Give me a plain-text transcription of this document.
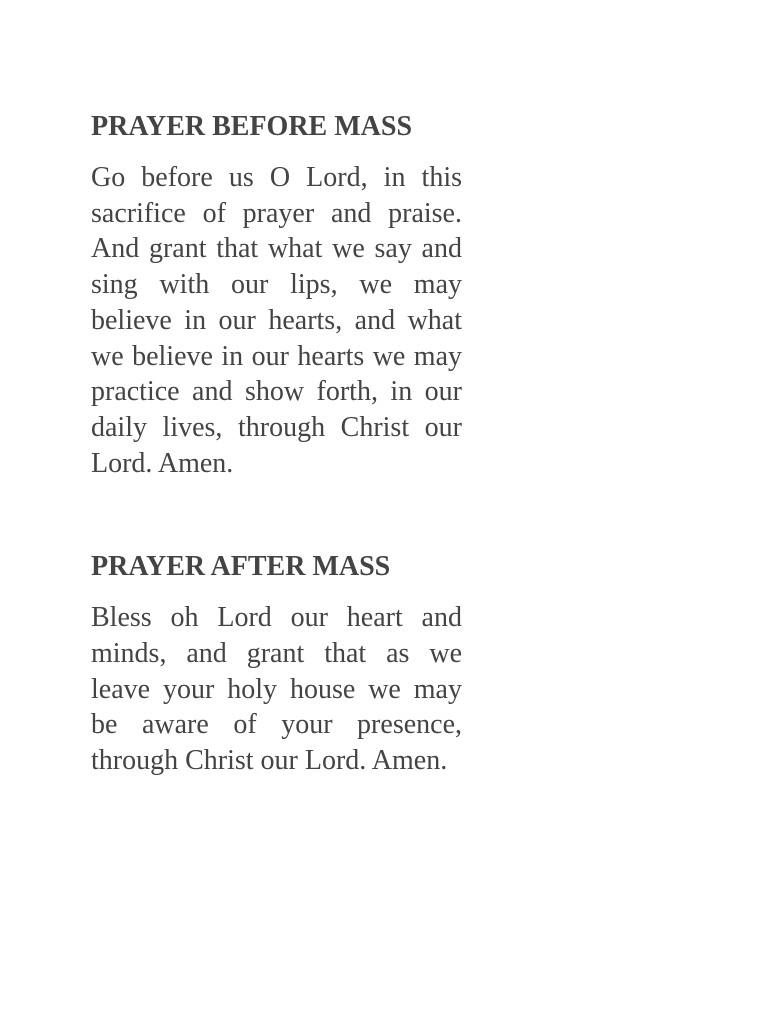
PRAYER BEFORE MASS

Go before us O Lord, in this sacrifice of prayer and praise. And grant that what we say and sing with our lips, we may believe in our hearts, and what we believe in our hearts we may practice and show forth, in our daily lives, through Christ our Lord. Amen.

PRAYER AFTER MASS

Bless oh Lord our heart and minds, and grant that as we leave your holy house we may be aware of your presence, through Christ our Lord. Amen.
